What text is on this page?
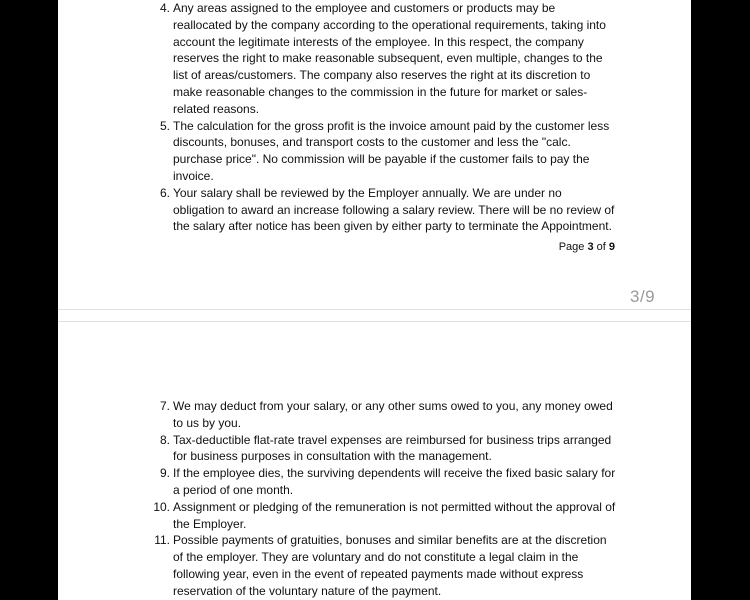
4. Any areas assigned to the employee and customers or products may be reallocated by the company according to the operational requirements, taking into account the legitimate interests of the employee. In this respect, the company reserves the right to make reasonable subsequent, even multiple, changes to the list of areas/customers. The company also reserves the right at its discretion to make reasonable changes to the commission in the future for market or sales-related reasons.
5. The calculation for the gross profit is the invoice amount paid by the customer less discounts, bonuses, and transport costs to the customer and less the "calc. purchase price". No commission will be payable if the customer fails to pay the invoice.
6. Your salary shall be reviewed by the Employer annually. We are under no obligation to award an increase following a salary review. There will be no review of the salary after notice has been given by either party to terminate the Appointment.
Page 3 of 9
3/9
7. We may deduct from your salary, or any other sums owed to you, any money owed to us by you.
8. Tax-deductible flat-rate travel expenses are reimbursed for business trips arranged for business purposes in consultation with the management.
9. If the employee dies, the surviving dependents will receive the fixed basic salary for a period of one month.
10. Assignment or pledging of the remuneration is not permitted without the approval of the Employer.
11. Possible payments of gratuities, bonuses and similar benefits are at the discretion of the employer. They are voluntary and do not constitute a legal claim in the following year, even in the event of repeated payments made without express reservation of the voluntary nature of the payment.
